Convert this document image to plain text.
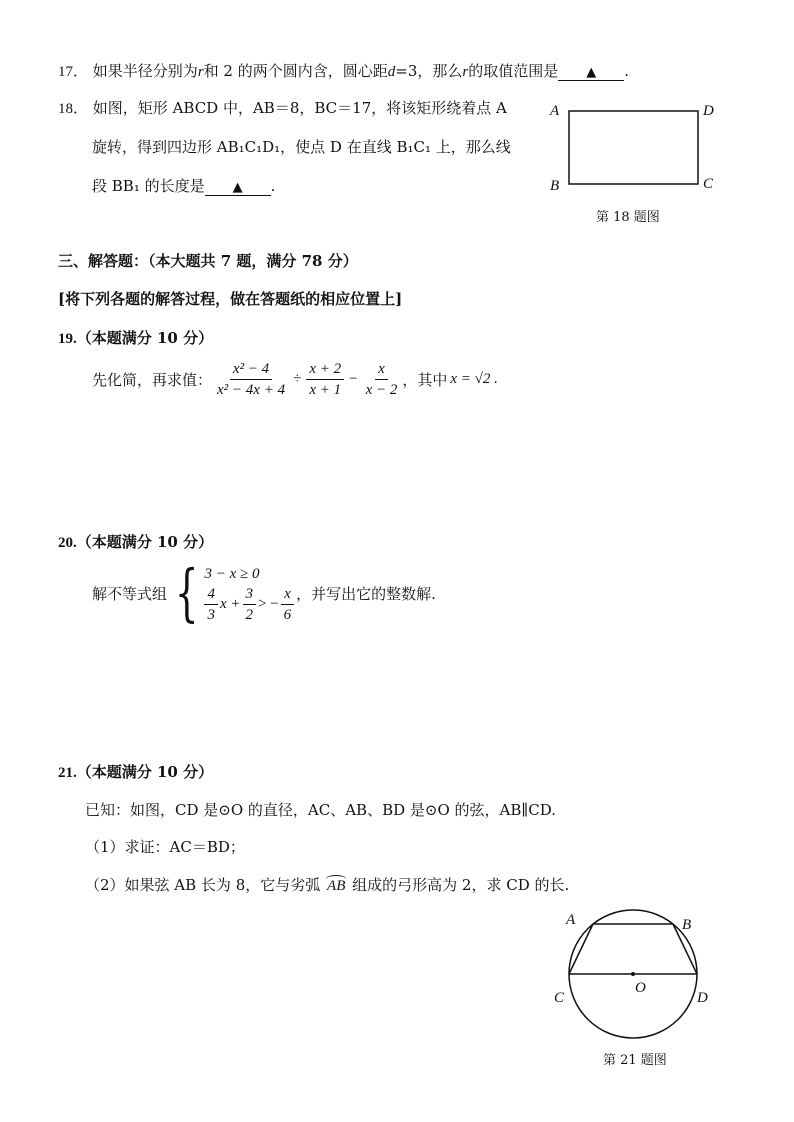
17． 如果半径分别为r和 2 的两个圆内含，圆心距d=3，那么r的取值范围是 ▲ .
18． 如图，矩形 ABCD 中，AB＝8，BC＝17，将该矩形绕着点 A
旋转，得到四边形 AB₁C₁D₁，使点 D 在直线 B₁C₁ 上，那么线
段 BB₁ 的长度是 ▲ .
A	D
B	C
第 18 题图
三、解答题：（本大题共 7 题，满分 78 分）
[将下列各题的解答过程，做在答题纸的相应位置上]
19.（本题满分 10 分）
先化简，再求值： $\frac{\text{x² − 4}}{\text{x² − 4x + 4}} \div \frac{x + 2}{x + 1} - \frac{x}{x - 2}$ ，其中 x = √2 .
20.（本题满分 10 分）
解不等式组 { 3 − x ≥ 0
$\frac{4}{3}$ $x + \frac{3}{2}$ > − $\frac{x}{6}$ ，并写出它的整数解.
21.（本题满分 10 分）
已知：如图，CD 是⊙O 的直径，AC、AB、BD 是⊙O 的弦，AB∥CD.
（1）求证：AC＝BD；
（2）如果弦 AB 长为 8，它与劣弧 AB 组成的弓形高为 2，求 CD 的长.
A	B
C
O
D
第 21 题图
